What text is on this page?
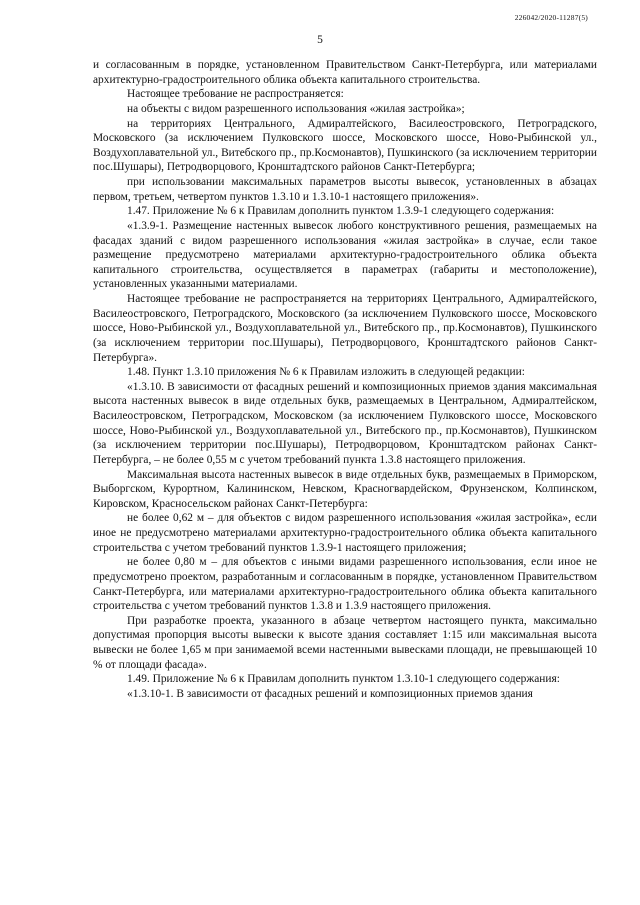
226042/2020-11287(5)
5

и согласованным в порядке, установленном Правительством Санкт-Петербурга, или материалами архитектурно-градостроительного облика объекта капитального строительства.

Настоящее требование не распространяется:

на объекты с видом разрешенного использования «жилая застройка»;

на территориях Центрального, Адмиралтейского, Василеостровского, Петроградского, Московского (за исключением Пулковского шоссе, Московского шоссе, Ново-Рыбинской ул., Воздухоплавательной ул., Витебского пр., пр.Космонавтов), Пушкинского (за исключением территории пос.Шушары), Петродворцового, Кронштадтского районов Санкт-Петербурга;

при использовании максимальных параметров высоты вывесок, установленных в абзацах первом, третьем, четвертом пунктов 1.3.10 и 1.3.10-1 настоящего приложения».

1.47. Приложение № 6 к Правилам дополнить пунктом 1.3.9-1 следующего содержания:

«1.3.9-1. Размещение настенных вывесок любого конструктивного решения, размещаемых на фасадах зданий с видом разрешенного использования «жилая застройка» в случае, если такое размещение предусмотрено материалами архитектурно-градостроительного облика объекта капитального строительства, осуществляется в параметрах (габариты и местоположение), установленных указанными материалами.

Настоящее требование не распространяется на территориях Центрального, Адмиралтейского, Василеостровского, Петроградского, Московского (за исключением Пулковского шоссе, Московского шоссе, Ново-Рыбинской ул., Воздухоплавательной ул., Витебского пр., пр.Космонавтов), Пушкинского (за исключением территории пос.Шушары), Петродворцового, Кронштадтского районов Санкт-Петербурга».

1.48. Пункт 1.3.10 приложения № 6 к Правилам изложить в следующей редакции:

«1.3.10. В зависимости от фасадных решений и композиционных приемов здания максимальная высота настенных вывесок в виде отдельных букв, размещаемых в Центральном, Адмиралтейском, Василеостровском, Петроградском, Московском (за исключением Пулковского шоссе, Московского шоссе, Ново-Рыбинской ул., Воздухоплавательной ул., Витебского пр., пр.Космонавтов), Пушкинском (за исключением территории пос.Шушары), Петродворцовом, Кронштадтском районах Санкт-Петербурга, – не более 0,55 м с учетом требований пункта 1.3.8 настоящего приложения.

Максимальная высота настенных вывесок в виде отдельных букв, размещаемых в Приморском, Выборгском, Курортном, Калининском, Невском, Красногвардейском, Фрунзенском, Колпинском, Кировском, Красносельском районах Санкт-Петербурга:

не более 0,62 м – для объектов с видом разрешенного использования «жилая застройка», если иное не предусмотрено материалами архитектурно-градостроительного облика объекта капитального строительства с учетом требований пунктов 1.3.9-1 настоящего приложения;

не более 0,80 м – для объектов с иными видами разрешенного использования, если иное не предусмотрено проектом, разработанным и согласованным в порядке, установленном Правительством Санкт-Петербурга, или материалами архитектурно-градостроительного облика объекта капитального строительства с учетом требований пунктов 1.3.8 и 1.3.9 настоящего приложения.

При разработке проекта, указанного в абзаце четвертом настоящего пункта, максимально допустимая пропорция высоты вывески к высоте здания составляет 1:15 или максимальная высота вывески не более 1,65 м при занимаемой всеми настенными вывесками площади, не превышающей 10 % от площади фасада».

1.49. Приложение № 6 к Правилам дополнить пунктом 1.3.10-1 следующего содержания:

«1.3.10-1. В зависимости от фасадных решений и композиционных приемов здания
